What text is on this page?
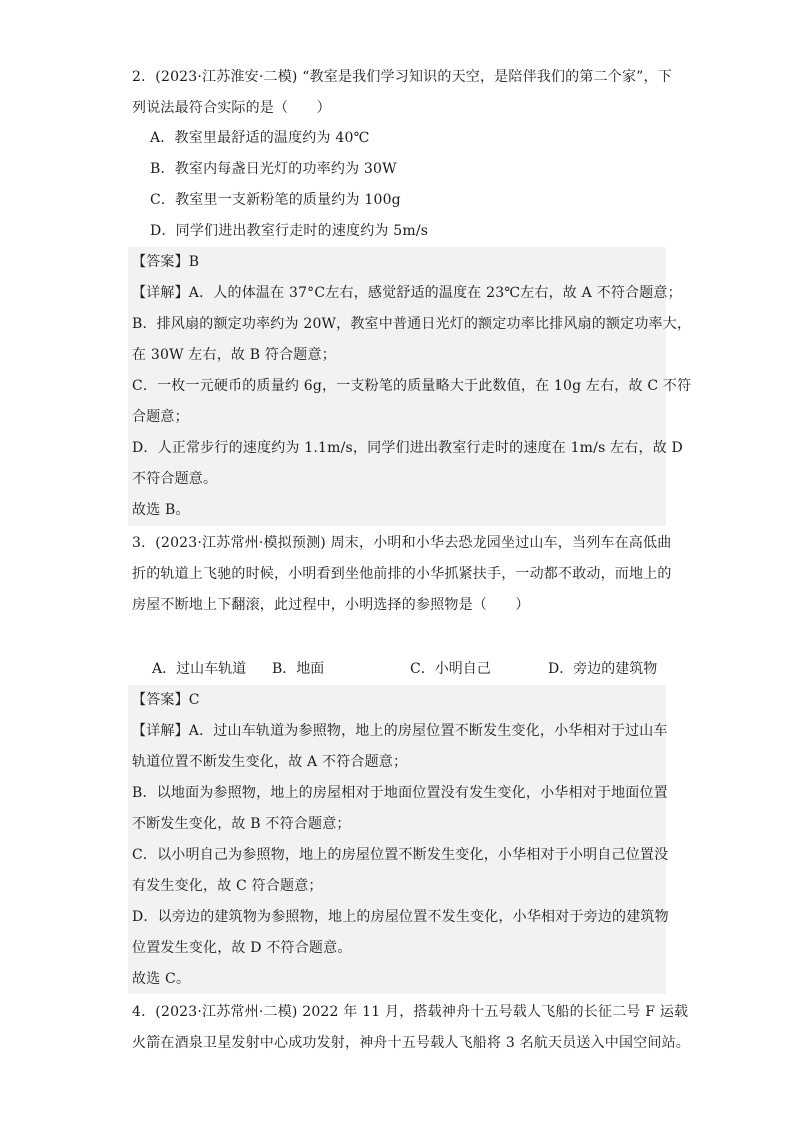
2．(2023·江苏淮安·二模) “教室是我们学习知识的天空，是陪伴我们的第二个家”，下
列说法最符合实际的是（　　）
A．教室里最舒适的温度约为 40℃
B．教室内每盏日光灯的功率约为 30W
C．教室里一支新粉笔的质量约为 100g
D．同学们进出教室行走时的速度约为 5m/s
【答案】B
【详解】A．人的体温在 37°C左右，感觉舒适的温度在 23℃左右，故 A 不符合题意；
B．排风扇的额定功率约为 20W，教室中普通日光灯的额定功率比排风扇的额定功率大，
在 30W 左右，故 B 符合题意；
C．一枚一元硬币的质量约 6g，一支粉笔的质量略大于此数值，在 10g 左右，故 C 不符
合题意；
D．人正常步行的速度约为 1.1m/s，同学们进出教室行走时的速度在 1m/s 左右，故 D
不符合题意。
故选 B。
3．(2023·江苏常州·模拟预测) 周末，小明和小华去恐龙园坐过山车，当列车在高低曲
折的轨道上飞驰的时候，小明看到坐他前排的小华抓紧扶手，一动都不敢动，而地上的
房屋不断地上下翻滚，此过程中，小明选择的参照物是（　　）
A．过山车轨道 B．地面	C．小明自己	D．旁边的建筑物
【答案】C
【详解】A．过山车轨道为参照物，地上的房屋位置不断发生变化，小华相对于过山车
轨道位置不断发生变化，故 A 不符合题意；
B．以地面为参照物，地上的房屋相对于地面位置没有发生变化，小华相对于地面位置
不断发生变化，故 B 不符合题意；
C．以小明自己为参照物，地上的房屋位置不断发生变化，小华相对于小明自己位置没
有发生变化，故 C 符合题意；
D．以旁边的建筑物为参照物，地上的房屋位置不发生变化，小华相对于旁边的建筑物
位置发生变化，故 D 不符合题意。
故选 C。
4．(2023·江苏常州·二模) 2022 年 11 月，搭载神舟十五号载人飞船的长征二号 F 运载
火箭在酒泉卫星发射中心成功发射，神舟十五号载人飞船将 3 名航天员送入中国空间站。
